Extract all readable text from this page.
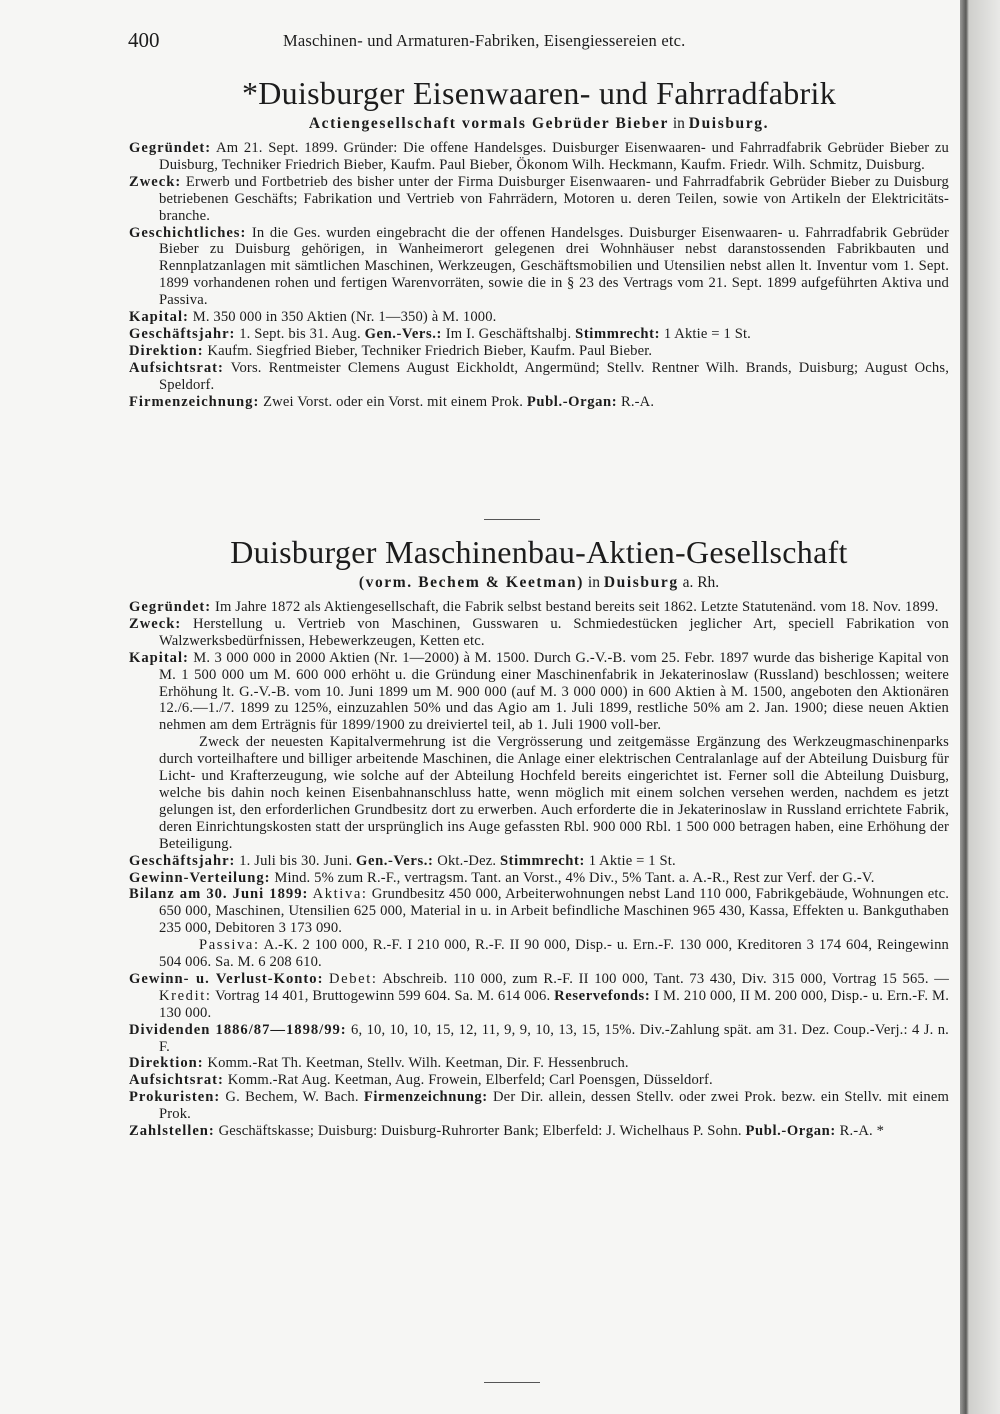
400	Maschinen- und Armaturen-Fabriken, Eisengiessereien etc.
*Duisburger Eisenwaaren- und Fahrradfabrik
Actiengesellschaft vormals Gebrüder Bieber in Duisburg.

Gegründet: Am 21. Sept. 1899. Gründer: Die offene Handelsges. Duisburger Eisenwaaren- und Fahrradfabrik Gebrüder Bieber zu Duisburg, Techniker Friedrich Bieber, Kaufm. Paul Bieber, Ökonom Wilh. Heckmann, Kaufm. Friedr. Wilh. Schmitz, Duisburg.

Zweck: Erwerb und Fortbetrieb des bisher unter der Firma Duisburger Eisenwaaren- und Fahrradfabrik Gebrüder Bieber zu Duisburg betriebenen Geschäfts; Fabrikation und Vertrieb von Fahrrädern, Motoren u. deren Teilen, sowie von Artikeln der Elektricitäts-branche.

Geschichtliches: In die Ges. wurden eingebracht die der offenen Handelsges. Duisburger Eisenwaaren- u. Fahrradfabrik Gebrüder Bieber zu Duisburg gehörigen, in Wanheimerort gelegenen drei Wohnhäuser nebst daranstossenden Fabrikbauten und Rennplatzanlagen mit sämtlichen Maschinen, Werkzeugen, Geschäftsmobilien und Utensilien nebst allen lt. Inventur vom 1. Sept. 1899 vorhandenen rohen und fertigen Warenvorräten, sowie die in § 23 des Vertrags vom 21. Sept. 1899 aufgeführten Aktiva und Passiva.

Kapital: M. 350 000 in 350 Aktien (Nr. 1—350) à M. 1000.

Geschäftsjahr: 1. Sept. bis 31. Aug. Gen.-Vers.: Im I. Geschäftshalbj. Stimmrecht: 1 Aktie = 1 St.

Direktion: Kaufm. Siegfried Bieber, Techniker Friedrich Bieber, Kaufm. Paul Bieber.

Aufsichtsrat: Vors. Rentmeister Clemens August Eickholdt, Angermünd; Stellv. Rentner Wilh. Brands, Duisburg; August Ochs, Speldorf.

Firmenzeichnung: Zwei Vorst. oder ein Vorst. mit einem Prok. Publ.-Organ: R.-A.

Duisburger Maschinenbau-Aktien-Gesellschaft
(vorm. Bechem & Keetman) in Duisburg a. Rh.

Gegründet: Im Jahre 1872 als Aktiengesellschaft, die Fabrik selbst bestand bereits seit 1862. Letzte Statutenänd. vom 18. Nov. 1899.

Zweck: Herstellung u. Vertrieb von Maschinen, Gusswaren u. Schmiedestücken jeglicher Art, speciell Fabrikation von Walzwerksbedürfnissen, Hebewerkzeugen, Ketten etc.

Kapital: M. 3 000 000 in 2000 Aktien (Nr. 1—2000) à M. 1500. Durch G.-V.-B. vom 25. Febr. 1897 wurde das bisherige Kapital von M. 1 500 000 um M. 600 000 erhöht u. die Gründung einer Maschinenfabrik in Jekaterinoslaw (Russland) beschlossen; weitere Erhöhung lt. G.-V.-B. vom 10. Juni 1899 um M. 900 000 (auf M. 3 000 000) in 600 Aktien à M. 1500, angeboten den Aktionären 12./6.—1./7. 1899 zu 125%, einzuzahlen 50% und das Agio am 1. Juli 1899, restliche 50% am 2. Jan. 1900; diese neuen Aktien nehmen am dem Erträgnis für 1899/1900 zu dreiviertel teil, ab 1. Juli 1900 voll-ber.

Zweck der neuesten Kapitalvermehrung ist die Vergrösserung und zeitgemässe Ergänzung des Werkzeugmaschinenparks durch vorteilhaftere und billiger arbeitende Maschinen, die Anlage einer elektrischen Centralanlage auf der Abteilung Duisburg für Licht- und Krafterzeugung, wie solche auf der Abteilung Hochfeld bereits eingerichtet ist. Ferner soll die Abteilung Duisburg, welche bis dahin noch keinen Eisenbahnanschluss hatte, wenn möglich mit einem solchen versehen werden, nachdem es jetzt gelungen ist, den erforderlichen Grundbesitz dort zu erwerben. Auch erforderte die in Jekaterinoslaw in Russland errichtete Fabrik, deren Einrichtungskosten statt der ursprünglich ins Auge gefassten Rbl. 900 000 Rbl. 1 500 000 betragen haben, eine Erhöhung der Beteiligung.

Geschäftsjahr: 1. Juli bis 30. Juni. Gen.-Vers.: Okt.-Dez. Stimmrecht: 1 Aktie = 1 St.

Gewinn-Verteilung: Mind. 5% zum R.-F., vertragsm. Tant. an Vorst., 4% Div., 5% Tant. a. A.-R., Rest zur Verf. der G.-V.

Bilanz am 30. Juni 1899: Aktiva: Grundbesitz 450 000, Arbeiterwohnungen nebst Land 110 000, Fabrikgebäude, Wohnungen etc. 650 000, Maschinen, Utensilien 625 000, Material in u. in Arbeit befindliche Maschinen 965 430, Kassa, Effekten u. Bankguthaben 235 000, Debitoren 3 173 090.

Passiva: A.-K. 2 100 000, R.-F. I 210 000, R.-F. II 90 000, Disp.- u. Ern.-F. 130 000, Kreditoren 3 174 604, Reingewinn 504 006. Sa. M. 6 208 610.

Gewinn- u. Verlust-Konto: Debet: Abschreib. 110 000, zum R.-F. II 100 000, Tant. 73 430, Div. 315 000, Vortrag 15 565. — Kredit: Vortrag 14 401, Bruttogewinn 599 604. Sa. M. 614 006. Reservefonds: I M. 210 000, II M. 200 000, Disp.- u. Ern.-F. M. 130 000.

Dividenden 1886/87—1898/99: 6, 10, 10, 10, 15, 12, 11, 9, 9, 10, 13, 15, 15%. Div.-Zahlung spät. am 31. Dez. Coup.-Verj.: 4 J. n. F.

Direktion: Komm.-Rat Th. Keetman, Stellv. Wilh. Keetman, Dir. F. Hessenbruch.

Aufsichtsrat: Komm.-Rat Aug. Keetman, Aug. Frowein, Elberfeld; Carl Poensgen, Düsseldorf.

Prokuristen: G. Bechem, W. Bach. Firmenzeichnung: Der Dir. allein, dessen Stellv. oder zwei Prok. bezw. ein Stellv. mit einem Prok.

Zahlstellen: Geschäftskasse; Duisburg: Duisburg-Ruhrorter Bank; Elberfeld: J. Wichelhaus P. Sohn. Publ.-Organ: R.-A. *
